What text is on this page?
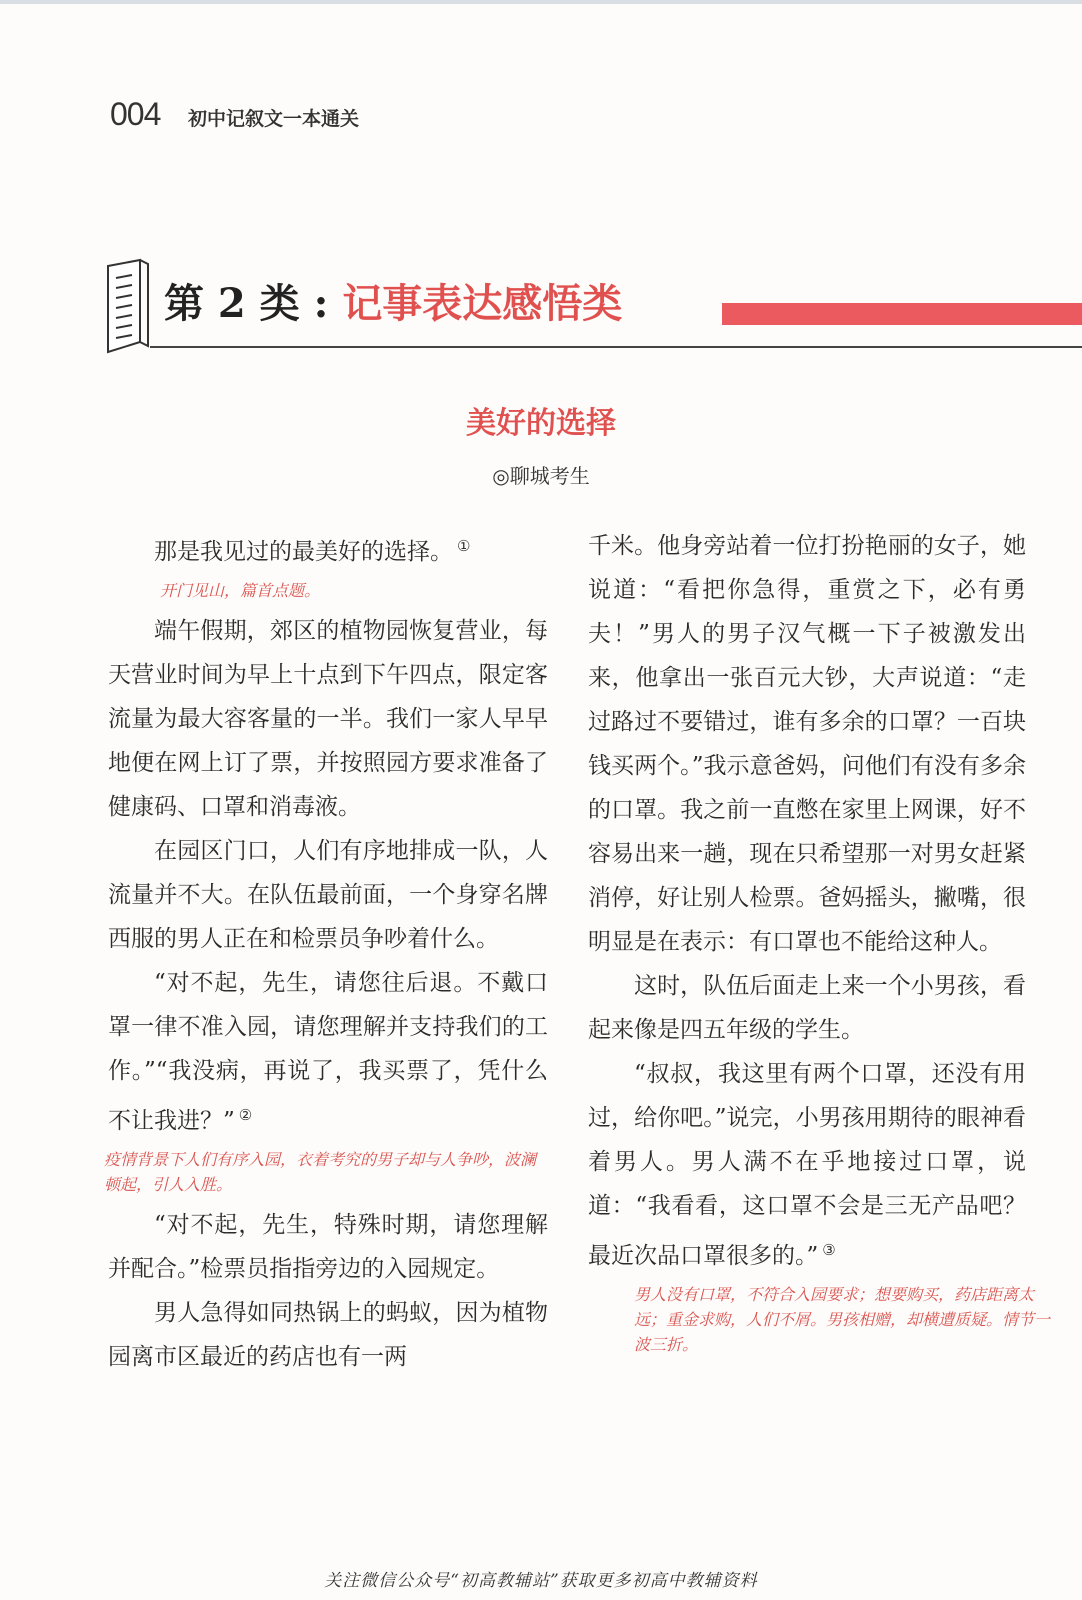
004 初中记叙文一本通关
第 2 类 : 记事表达感悟类
美好的选择
◎聊城考生

那是我见过的最美好的选择。 ①

开门见山，篇首点题。

端午假期，郊区的植物园恢复营业，每天营业时间为早上十点到下午四点，限定客流量为最大容客量的一半。我们一家人早早地便在网上订了票，并按照园方要求准备了健康码、口罩和消毒液。

在园区门口，人们有序地排成一队，人流量并不大。在队伍最前面，一个身穿名牌西服的男人正在和检票员争吵着什么。

“对不起，先生，请您往后退。不戴口罩一律不准入园，请您理解并支持我们的工作。”“我没病，再说了，我买票了，凭什么不让我进？” ②

疫情背景下人们有序入园，衣着考究的男子却与人争吵，波澜顿起，引人入胜。

“对不起，先生，特殊时期，请您理解并配合。”检票员指指旁边的入园规定。

男人急得如同热锅上的蚂蚁，因为植物园离市区最近的药店也有一两

千米。他身旁站着一位打扮艳丽的女子，她说道：“看把你急得，重赏之下，必有勇夫！”男人的男子汉气概一下子被激发出来，他拿出一张百元大钞，大声说道：“走过路过不要错过，谁有多余的口罩？一百块钱买两个。”我示意爸妈，问他们有没有多余的口罩。我之前一直憋在家里上网课，好不容易出来一趟，现在只希望那一对男女赶紧消停，好让别人检票。爸妈摇头，撇嘴，很明显是在表示：有口罩也不能给这种人。

这时，队伍后面走上来一个小男孩，看起来像是四五年级的学生。

“叔叔，我这里有两个口罩，还没有用过，给你吧。”说完，小男孩用期待的眼神看着男人。男人满不在乎地接过口罩，说道：“我看看，这口罩不会是三无产品吧？最近次品口罩很多的。” ③

男人没有口罩，不符合入园要求；想要购买，药店距离太远；重金求购，人们不屑。男孩相赠，却横遭质疑。情节一波三折。
关注微信公众号“初高教辅站”获取更多初高中教辅资料
